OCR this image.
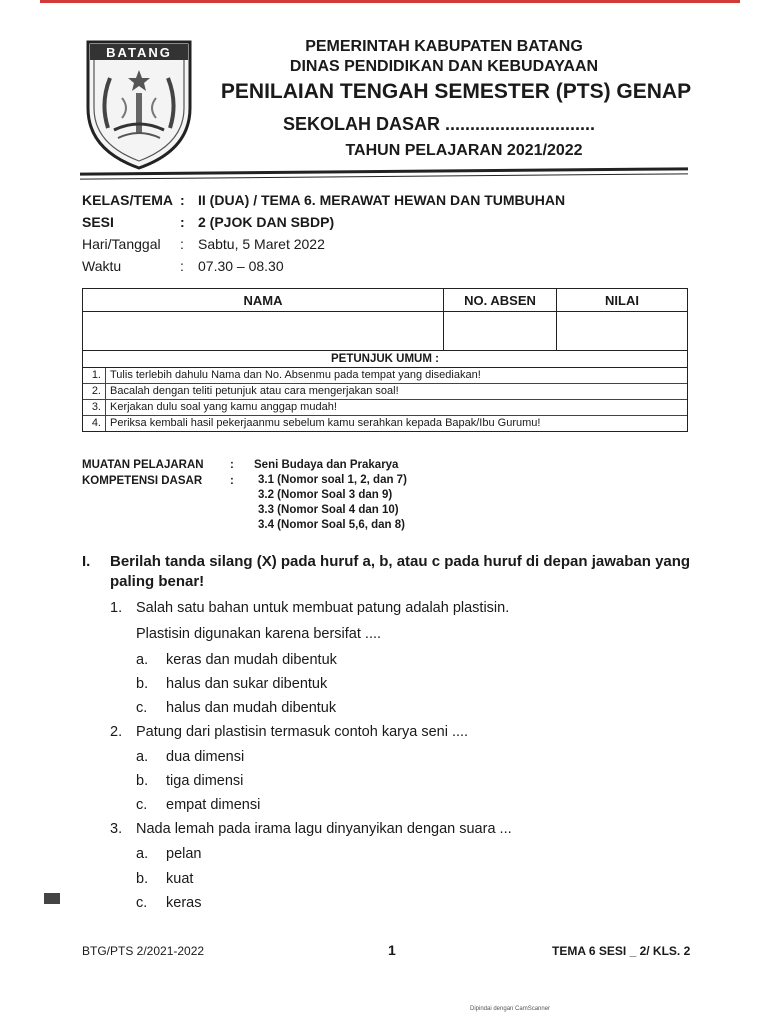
BATANG	PEMERINTAH KABUPATEN BATANG
DINAS PENDIDIKAN DAN KEBUDAYAAN
PENILAIAN TENGAH SEMESTER (PTS) GENAP
SEKOLAH DASAR ..............................
TAHUN PELAJARAN 2021/2022
KELAS/TEMA : II (DUA) / TEMA 6. MERAWAT HEWAN DAN TUMBUHAN
SESI	: 2 (PJOK DAN SBDP)
Hari/Tanggal : Sabtu, 5 Maret 2022
Waktu	: 07.30 – 08.30
NAMA	NO. ABSEN	NILAI

PETUNJUK UMUM :
1. Tulis terlebih dahulu Nama dan No. Absenmu pada tempat yang disediakan!
2. Bacalah dengan teliti petunjuk atau cara mengerjakan soal!
3. Kerjakan dulu soal yang kamu anggap mudah!
4. Periksa kembali hasil pekerjaanmu sebelum kamu serahkan kepada Bapak/Ibu Gurumu!
MUATAN PELAJARAN : Seni Budaya dan Prakarya
KOMPETENSI DASAR :	3.1 (Nomor soal 1, 2, dan 7)
3.2 (Nomor Soal 3 dan 9)
3.3 (Nomor Soal 4 dan 10)
3.4 (Nomor Soal 5,6, dan 8)
I. Berilah tanda silang (X) pada huruf a, b, atau c pada huruf di depan jawaban yang paling benar!
1. Salah satu bahan untuk membuat patung adalah plastisin.
Plastisin digunakan karena bersifat ....
a. keras dan mudah dibentuk
b. halus dan sukar dibentuk
c. halus dan mudah dibentuk
2. Patung dari plastisin termasuk contoh karya seni ....
a. dua dimensi
b. tiga dimensi
c. empat dimensi
3. Nada lemah pada irama lagu dinyanyikan dengan suara ...
a. pelan
b. kuat
c. keras
BTG/PTS 2/2021-2022	1	TEMA 6 SESI _ 2/ KLS. 2
Dipindai dengan CamScanner
